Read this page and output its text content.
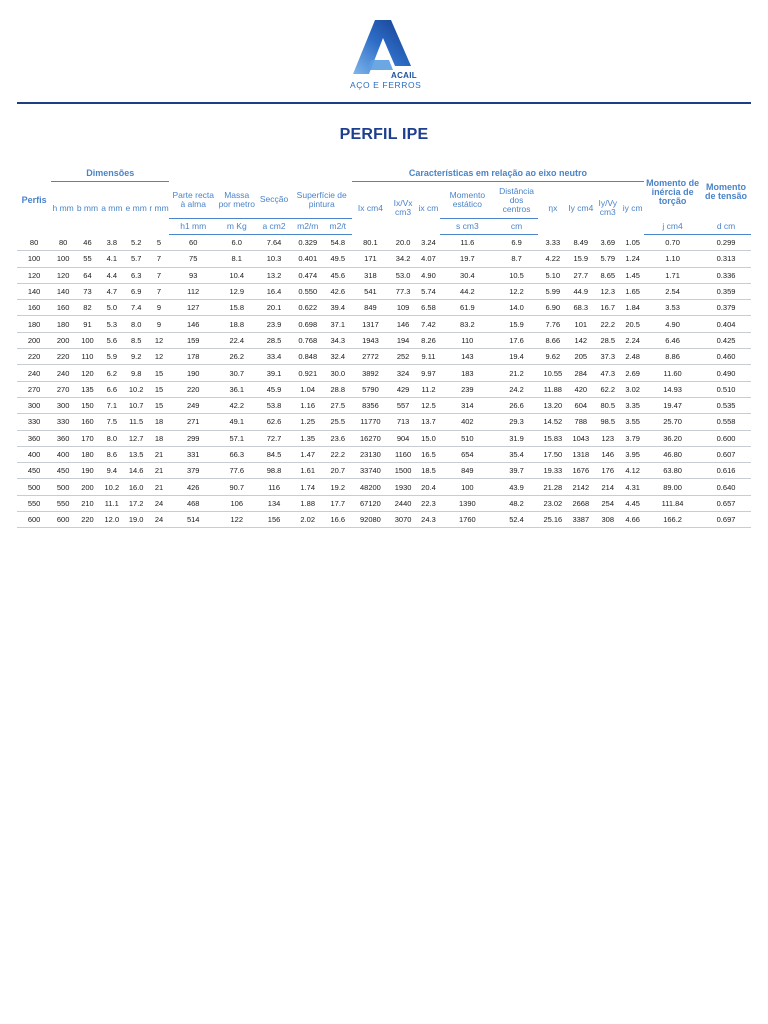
ACAIL
AÇO E FERROS
PERFIL IPE
Perfis	Dimensões										Características em relação ao eixo neutro									Momento de inércia de torção	Momento de tensão
	h mm	b mm	a mm	e mm	r mm	Parte recta à alma	Massa por metro	Secção	Superfície de pintura		Ix cm4	Ix/Vx cm3	ix cm	Momento estático	Distância dos centros	ηx	Iy cm4	Iy/Vy cm3	iy cm		
						h1 mm	m Kg	a cm2	m2/m	m2/t				s cm3	cm					j cm4	d cm
80	80	46	3.8	5.2	5	60	6.0	7.64	0.329	54.8	80.1	20.0	3.24	11.6	6.9	3.33	8.49	3.69	1.05	0.70	0.299
100	100	55	4.1	5.7	7	75	8.1	10.3	0.401	49.5	171	34.2	4.07	19.7	8.7	4.22	15.9	5.79	1.24	1.10	0.313
120	120	64	4.4	6.3	7	93	10.4	13.2	0.474	45.6	318	53.0	4.90	30.4	10.5	5.10	27.7	8.65	1.45	1.71	0.336
140	140	73	4.7	6.9	7	112	12.9	16.4	0.550	42.6	541	77.3	5.74	44.2	12.2	5.99	44.9	12.3	1.65	2.54	0.359
160	160	82	5.0	7.4	9	127	15.8	20.1	0.622	39.4	849	109	6.58	61.9	14.0	6.90	68.3	16.7	1.84	3.53	0.379
180	180	91	5.3	8.0	9	146	18.8	23.9	0.698	37.1	1317	146	7.42	83.2	15.9	7.76	101	22.2	20.5	4.90	0.404
200	200	100	5.6	8.5	12	159	22.4	28.5	0.768	34.3	1943	194	8.26	110	17.6	8.66	142	28.5	2.24	6.46	0.425
220	220	110	5.9	9.2	12	178	26.2	33.4	0.848	32.4	2772	252	9.11	143	19.4	9.62	205	37.3	2.48	8.86	0.460
240	240	120	6.2	9.8	15	190	30.7	39.1	0.921	30.0	3892	324	9.97	183	21.2	10.55	284	47.3	2.69	11.60	0.490
270	270	135	6.6	10.2	15	220	36.1	45.9	1.04	28.8	5790	429	11.2	239	24.2	11.88	420	62.2	3.02	14.93	0.510
300	300	150	7.1	10.7	15	249	42.2	53.8	1.16	27.5	8356	557	12.5	314	26.6	13.20	604	80.5	3.35	19.47	0.535
330	330	160	7.5	11.5	18	271	49.1	62.6	1.25	25.5	11770	713	13.7	402	29.3	14.52	788	98.5	3.55	25.70	0.558
360	360	170	8.0	12.7	18	299	57.1	72.7	1.35	23.6	16270	904	15.0	510	31.9	15.83	1043	123	3.79	36.20	0.600
400	400	180	8.6	13.5	21	331	66.3	84.5	1.47	22.2	23130	1160	16.5	654	35.4	17.50	1318	146	3.95	46.80	0.607
450	450	190	9.4	14.6	21	379	77.6	98.8	1.61	20.7	33740	1500	18.5	849	39.7	19.33	1676	176	4.12	63.80	0.616
500	500	200	10.2	16.0	21	426	90.7	116	1.74	19.2	48200	1930	20.4	100	43.9	21.28	2142	214	4.31	89.00	0.640
550	550	210	11.1	17.2	24	468	106	134	1.88	17.7	67120	2440	22.3	1390	48.2	23.02	2668	254	4.45	111.84	0.657
600	600	220	12.0	19.0	24	514	122	156	2.02	16.6	92080	3070	24.3	1760	52.4	25.16	3387	308	4.66	166.2	0.697
